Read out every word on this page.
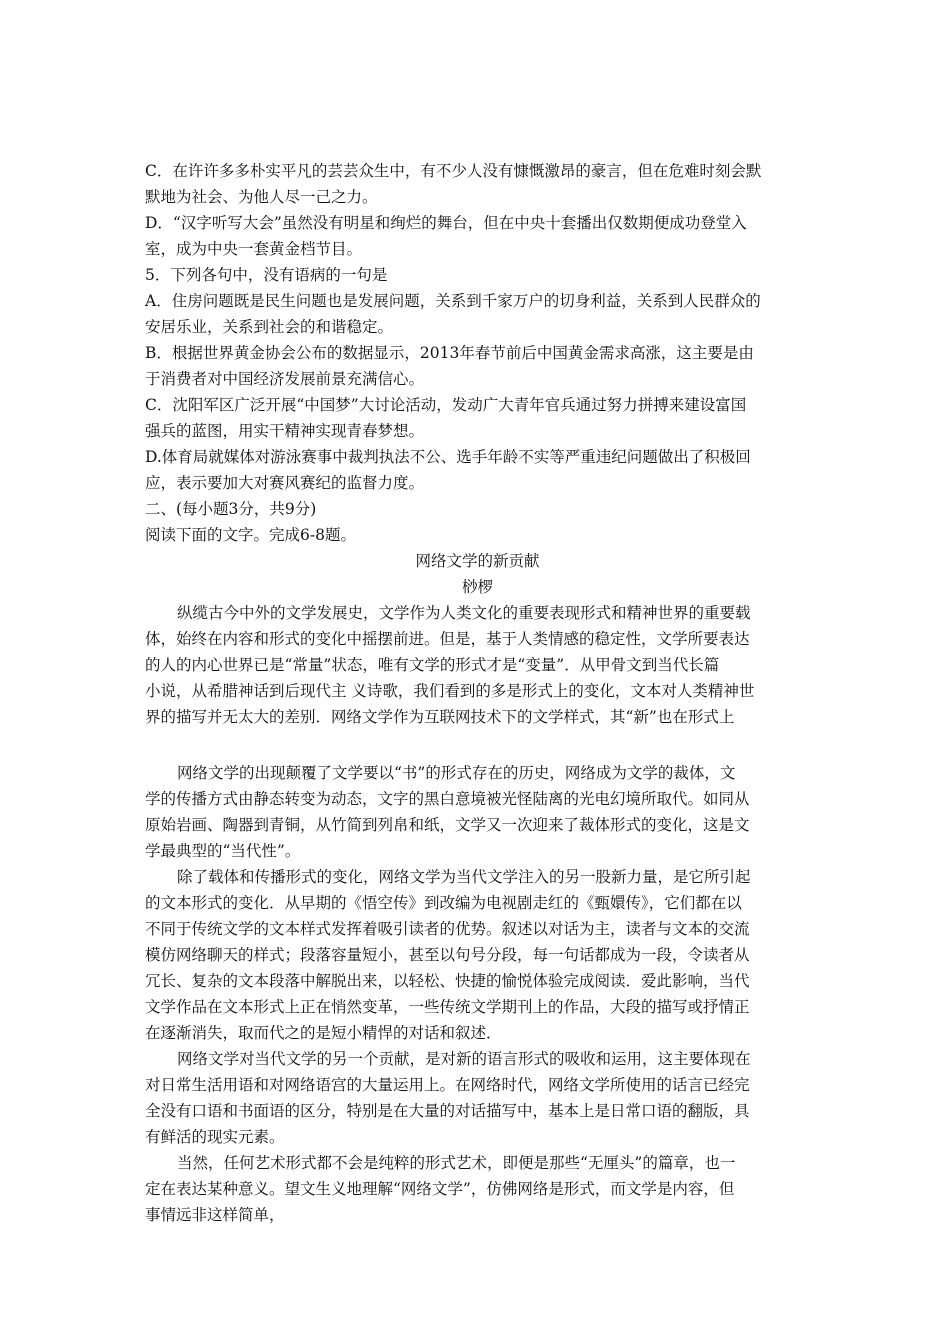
C．在许许多多朴实平凡的芸芸众生中，有不少人没有慷慨激昂的豪言，但在危难时刻会默
默地为社会、为他人尽一己之力。
D．“汉字听写大会”虽然没有明星和绚烂的舞台，但在中央十套播出仅数期便成功登堂入
室，成为中央一套黄金档节目。
5．下列各句中，没有语病的一句是
A．住房问题既是民生问题也是发展问题，关系到千家万户的切身利益，关系到人民群众的
安居乐业，关系到社会的和谐稳定。
B．根据世界黄金协会公布的数据显示，2013年春节前后中国黄金需求高涨，这主要是由
于消费者对中国经济发展前景充满信心。
C．沈阳军区广泛开展“中国梦”大讨论活动，发动广大青年官兵通过努力拼搏来建设富国
强兵的蓝图，用实干精神实现青春梦想。
D.体育局就媒体对游泳赛事中裁判执法不公、选手年龄不实等严重违纪问题做出了积极回
应，表示要加大对赛风赛纪的监督力度。
二、(每小题3分，共9分)
阅读下面的文字。完成6-8题。
网络文学的新贡献
桫椤
纵缆古今中外的文学发展史，文学作为人类文化的重要表现形式和精神世界的重要载
体，始终在内容和形式的变化中摇摆前进。但是，基于人类情感的稳定性，文学所要表达
的人的内心世界已是“常量”状态，唯有文学的形式才是“变量”．从甲骨文到当代长篇
小说，从希腊神话到后现代主 义诗歌，我们看到的多是形式上的变化，文本对人类精神世
界的描写并无太大的差别．网络文学作为互联网技术下的文学样式，其“新”也在形式上
网络文学的出现颠覆了文学要以“书”的形式存在的历史，网络成为文学的裁体，文
学的传播方式由静态转变为动态，文字的黑白意境被光怪陆离的光电幻境所取代。如同从
原始岩画、陶器到青铜，从竹简到列帛和纸，文学又一次迎来了裁体形式的变化，这是文
学最典型的“当代性”。
除了载体和传播形式的变化，网络文学为当代文学注入的另一股新力量，是它所引起
的文本形式的变化．从早期的《悟空传》到改编为电视剧走红的《甄嬛传》，它们都在以
不同于传统文学的文本样式发挥着吸引读者的优势。叙述以对话为主，读者与文本的交流
模仿网络聊天的样式；段落容量短小，甚至以句号分段，每一句话都成为一段，令读者从
冗长、复杂的文本段落中解脱出来，以轻松、快捷的愉悦体验完成阅读．爱此影响，当代
文学作品在文本形式上正在悄然变革，一些传统文学期刊上的作品，大段的描写或抒情正
在逐渐消失，取而代之的是短小精悍的对话和叙述．
网络文学对当代文学的另一个贡献，是对新的语言形式的吸收和运用，这主要体现在
对日常生活用语和对网络语宫的大量运用上。在网络时代，网络文学所使用的话言已经完
全没有口语和书面语的区分，特别是在大量的对话描写中，基本上是日常口语的翻版，具
有鲜活的现实元素。
当然，任何艺术形式都不会是纯粹的形式艺术，即便是那些“无厘头”的篇章，也一
定在表达某种意义。望文生义地理解“网络文学”，仿佛网络是形式，而文学是内容，但
事情远非这样简单，
